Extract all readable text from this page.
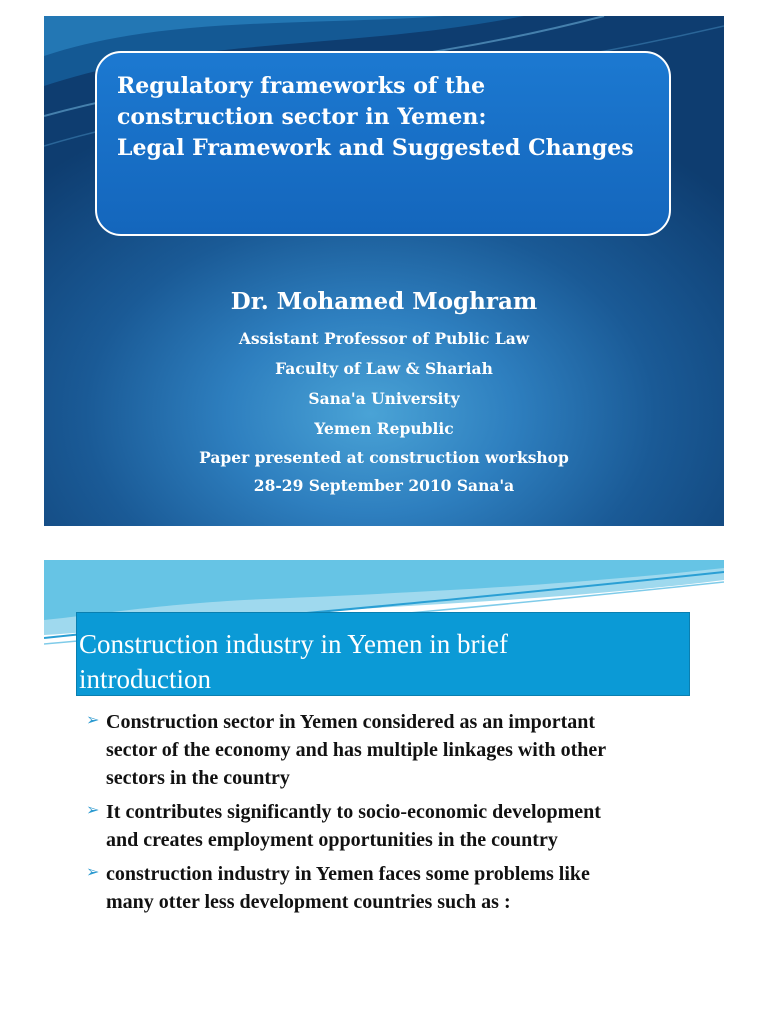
Regulatory frameworks of the
construction sector in Yemen:
Legal Framework and Suggested Changes
Dr. Mohamed Moghram
Assistant Professor of Public Law
Faculty of Law & Shariah
Sana'a University
Yemen Republic
Paper presented at construction workshop
28-29 September 2010 Sana'a
Construction industry in Yemen in brief
introduction
➢ Construction sector in Yemen considered as an important
sector of the economy and has multiple linkages with other
sectors in the country
➢ It contributes significantly to socio-economic development
and creates employment opportunities in the country
➢ construction industry in Yemen faces some problems like
many otter less development countries such as :
